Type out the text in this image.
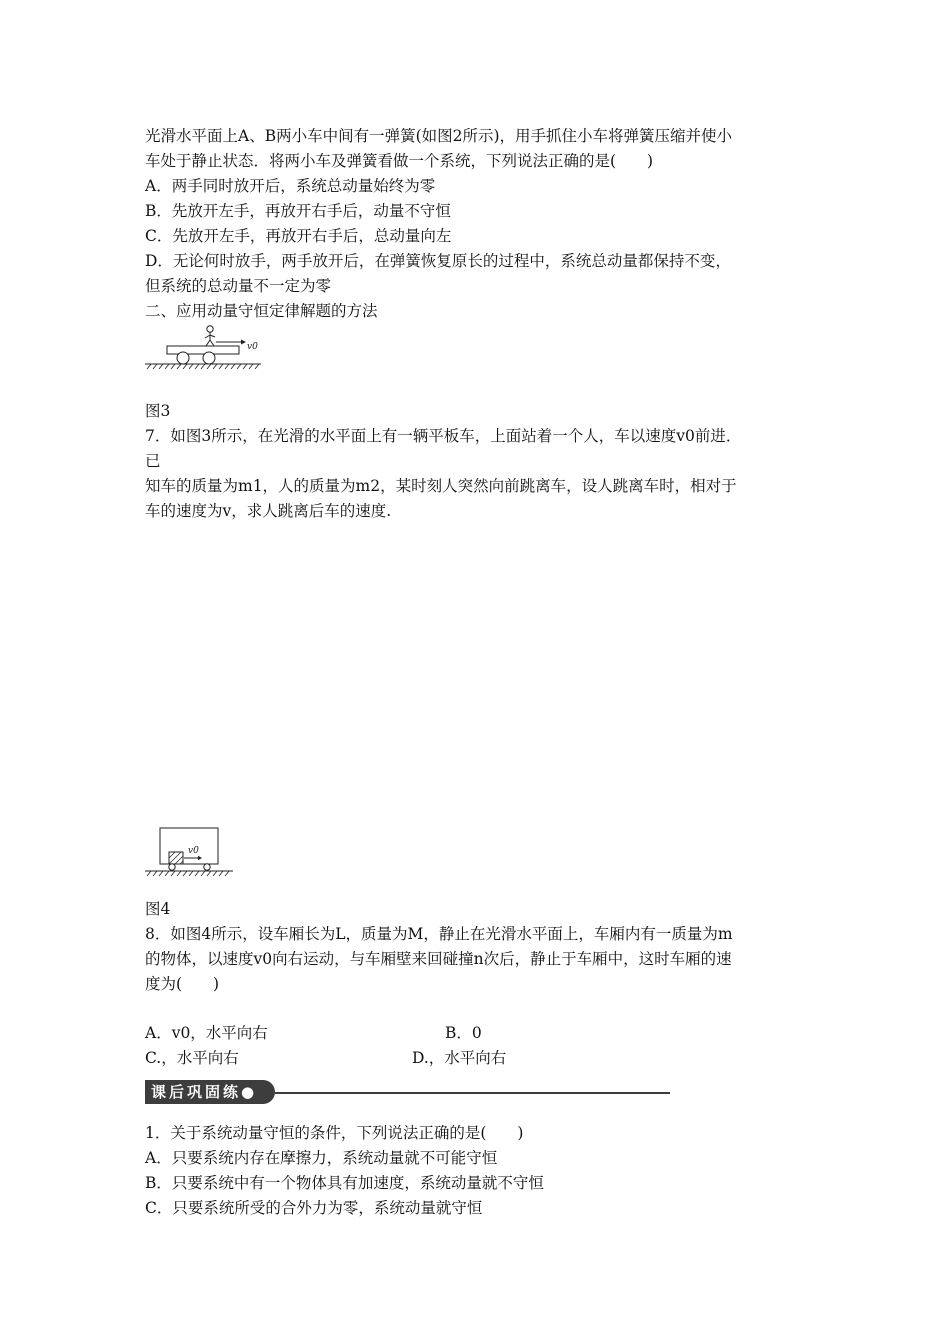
光滑水平面上A、B两小车中间有一弹簧(如图2所示)，用手抓住小车将弹簧压缩并使小
车处于静止状态．将两小车及弹簧看做一个系统，下列说法正确的是(　　)
A．两手同时放开后，系统总动量始终为零
B．先放开左手，再放开右手后，动量不守恒
C．先放开左手，再放开右手后，总动量向左
D．无论何时放手，两手放开后，在弹簧恢复原长的过程中，系统总动量都保持不变，
但系统的总动量不一定为零
二、应用动量守恒定律解题的方法
v0
图3
7．如图3所示，在光滑的水平面上有一辆平板车，上面站着一个人，车以速度v0前进．
已
知车的质量为m1，人的质量为m2，某时刻人突然向前跳离车，设人跳离车时，相对于
车的速度为v，求人跳离后车的速度.
v0
图4
8．如图4所示，设车厢长为L，质量为M，静止在光滑水平面上，车厢内有一质量为m
的物体，以速度v0向右运动，与车厢壁来回碰撞n次后，静止于车厢中，这时车厢的速
度为(　　)
A．v0，水平向右	B．0
C.，水平向右	D.，水平向右
课后巩固练●
1．关于系统动量守恒的条件，下列说法正确的是(　　)
A．只要系统内存在摩擦力，系统动量就不可能守恒
B．只要系统中有一个物体具有加速度，系统动量就不守恒
C．只要系统所受的合外力为零，系统动量就守恒
